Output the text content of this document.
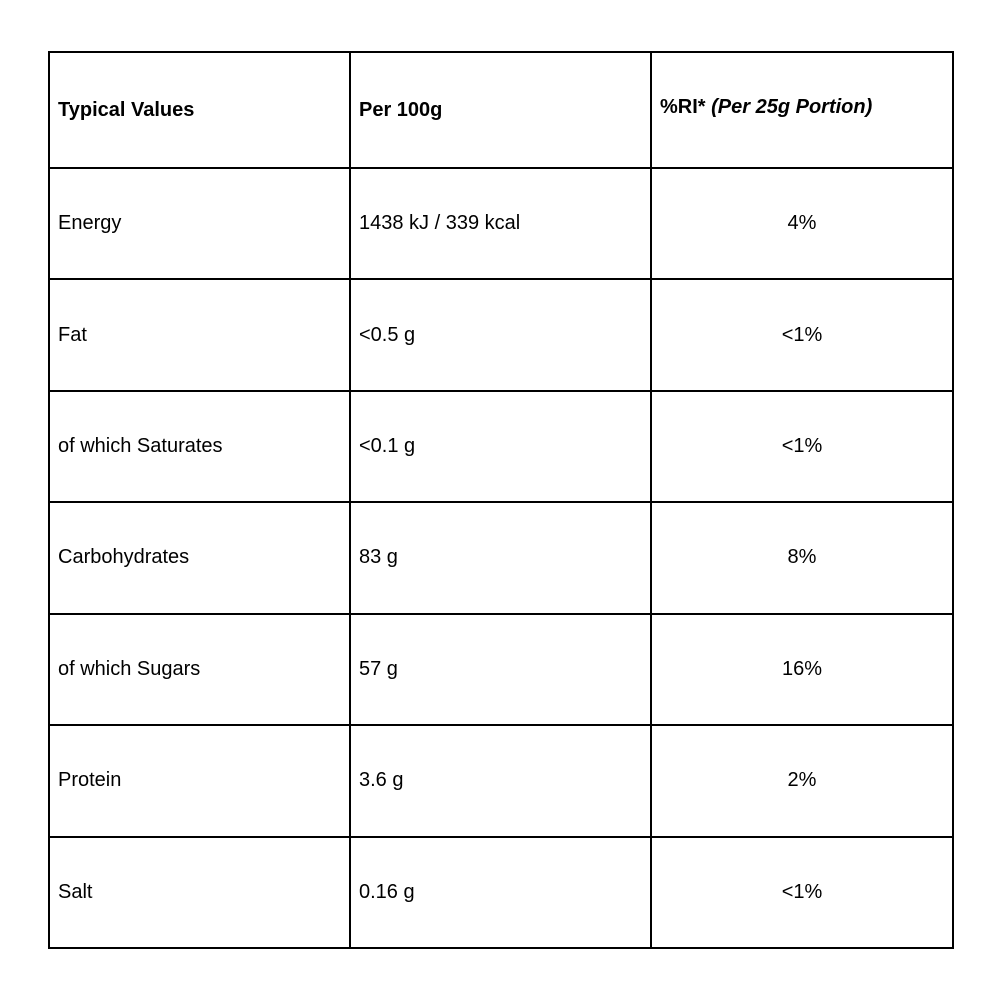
Typical Values	Per 100g	%RI* (Per 25g Portion)
Energy	1438 kJ / 339 kcal	4%
Fat	<0.5 g	<1%
of which Saturates	<0.1 g	<1%
Carbohydrates	83 g	8%
of which Sugars	57 g	16%
Protein	3.6 g	2%
Salt	0.16 g	<1%
